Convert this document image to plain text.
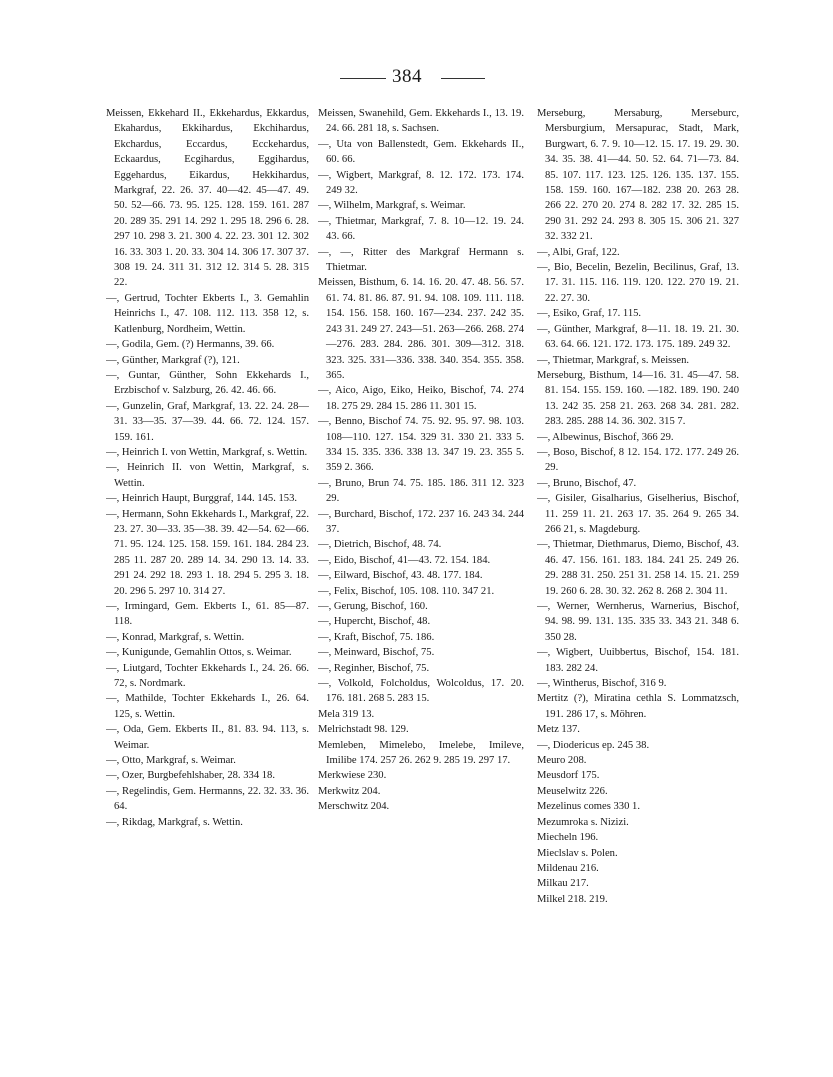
384

Meissen, Ekkehard II., Ekkehardus, Ekkardus, Ekahardus, Ekkihardus, Ekchihardus, Ekchardus, Eccardus, Ecckehardus, Eckaardus, Ecgihardus, Eggihardus, Eggehardus, Eikardus, Hekkihardus, Markgraf, 22. 26. 37. 40—42. 45—47. 49. 50. 52—66. 73. 95. 125. 128. 159. 161. 287 20. 289 35. 291 14. 292 1. 295 18. 296 6. 28. 297 10. 298 3. 21. 300 4. 22. 23. 301 12. 302 16. 33. 303 1. 20. 33. 304 14. 306 17. 307 37. 308 19. 24. 311 31. 312 12. 314 5. 28. 315 22.

—, Gertrud, Tochter Ekberts I., 3. Gemahlin Heinrichs I., 47. 108. 112. 113. 358 12, s. Katlenburg, Nordheim, Wettin.

—, Godila, Gem. (?) Hermanns, 39. 66.

—, Günther, Markgraf (?), 121.

—, Guntar, Günther, Sohn Ekkehards I., Erzbischof v. Salzburg, 26. 42. 46. 66.

—, Gunzelin, Graf, Markgraf, 13. 22. 24. 28—31. 33—35. 37—39. 44. 66. 72. 124. 157. 159. 161.

—, Heinrich I. von Wettin, Markgraf, s. Wettin.

—, Heinrich II. von Wettin, Markgraf, s. Wettin.

—, Heinrich Haupt, Burggraf, 144. 145. 153.

—, Hermann, Sohn Ekkehards I., Markgraf, 22. 23. 27. 30—33. 35—38. 39. 42—54. 62—66. 71. 95. 124. 125. 158. 159. 161. 184. 284 23. 285 11. 287 20. 289 14. 34. 290 13. 14. 33. 291 24. 292 18. 293 1. 18. 294 5. 295 3. 18. 20. 296 5. 297 10. 314 27.

—, Irmingard, Gem. Ekberts I., 61. 85—87. 118.

—, Konrad, Markgraf, s. Wettin.

—, Kunigunde, Gemahlin Ottos, s. Weimar.

—, Liutgard, Tochter Ekkehards I., 24. 26. 66. 72, s. Nordmark.

—, Mathilde, Tochter Ekkehards I., 26. 64. 125, s. Wettin.

—, Oda, Gem. Ekberts II., 81. 83. 94. 113, s. Weimar.

—, Otto, Markgraf, s. Weimar.

—, Ozer, Burgbefehlshaber, 28. 334 18.

—, Regelindis, Gem. Hermanns, 22. 32. 33. 36. 64.

—, Rikdag, Markgraf, s. Wettin.

Meissen, Swanehild, Gem. Ekkehards I., 13. 19. 24. 66. 281 18, s. Sachsen.

—, Uta von Ballenstedt, Gem. Ekkehards II., 60. 66.

—, Wigbert, Markgraf, 8. 12. 172. 173. 174. 249 32.

—, Wilhelm, Markgraf, s. Weimar.

—, Thietmar, Markgraf, 7. 8. 10—12. 19. 24. 43. 66.

—, —, Ritter des Markgraf Hermann s. Thietmar.

Meissen, Bisthum, 6. 14. 16. 20. 47. 48. 56. 57. 61. 74. 81. 86. 87. 91. 94. 108. 109. 111. 118. 154. 156. 158. 160. 167—234. 237. 242 35. 243 31. 249 27. 243—51. 263—266. 268. 274—276. 283. 284. 286. 301. 309—312. 318. 323. 325. 331—336. 338. 340. 354. 355. 358. 365.

—, Aico, Aigo, Eiko, Heiko, Bischof, 74. 274 18. 275 29. 284 15. 286 11. 301 15.

—, Benno, Bischof 74. 75. 92. 95. 97. 98. 103. 108—110. 127. 154. 329 31. 330 21. 333 5. 334 15. 335. 336. 338 13. 347 19. 23. 355 5. 359 2. 366.

—, Bruno, Brun 74. 75. 185. 186. 311 12. 323 29.

—, Burchard, Bischof, 172. 237 16. 243 34. 244 37.

—, Dietrich, Bischof, 48. 74.

—, Eido, Bischof, 41—43. 72. 154. 184.

—, Eilward, Bischof, 43. 48. 177. 184.

—, Felix, Bischof, 105. 108. 110. 347 21.

—, Gerung, Bischof, 160.

—, Hupercht, Bischof, 48.

—, Kraft, Bischof, 75. 186.

—, Meinward, Bischof, 75.

—, Reginher, Bischof, 75.

—, Volkold, Folcholdus, Wolcoldus, 17. 20. 176. 181. 268 5. 283 15.

Mela 319 13.

Melrichstadt 98. 129.

Memleben, Mimelebo, Imelebe, Imileve, Imilibe 174. 257 26. 262 9. 285 19. 297 17.

Merkwiese 230.

Merkwitz 204.

Merschwitz 204.

Merseburg, Mersaburg, Merseburc, Mersburgium, Mersapurac, Stadt, Mark, Burgwart, 6. 7. 9. 10—12. 15. 17. 19. 29. 30. 34. 35. 38. 41—44. 50. 52. 64. 71—73. 84. 85. 107. 117. 123. 125. 126. 135. 137. 155. 158. 159. 160. 167—182. 238 20. 263 28. 266 22. 270 20. 274 8. 282 17. 32. 285 15. 290 31. 292 24. 293 8. 305 15. 306 21. 327 32. 332 21.

—, Albi, Graf, 122.

—, Bio, Becelin, Bezelin, Becilinus, Graf, 13. 17. 31. 115. 116. 119. 120. 122. 270 19. 21. 22. 27. 30.

—, Esiko, Graf, 17. 115.

—, Günther, Markgraf, 8—11. 18. 19. 21. 30. 63. 64. 66. 121. 172. 173. 175. 189. 249 32.

—, Thietmar, Markgraf, s. Meissen.

Merseburg, Bisthum, 14—16. 31. 45—47. 58. 81. 154. 155. 159. 160. —182. 189. 190. 240 13. 242 35. 258 21. 263. 268 34. 281. 282. 283. 285. 288 14. 36. 302. 315 7.

—, Albewinus, Bischof, 366 29.

—, Boso, Bischof, 8 12. 154. 172. 177. 249 26. 29.

—, Bruno, Bischof, 47.

—, Gisiler, Gisalharius, Giselherius, Bischof, 11. 259 11. 21. 263 17. 35. 264 9. 265 34. 266 21, s. Magdeburg.

—, Thietmar, Diethmarus, Diemo, Bischof, 43. 46. 47. 156. 161. 183. 184. 241 25. 249 26. 29. 288 31. 250. 251 31. 258 14. 15. 21. 259 19. 260 6. 28. 30. 32. 262 8. 268 2. 304 11.

—, Werner, Wernherus, Warnerius, Bischof, 94. 98. 99. 131. 135. 335 33. 343 21. 348 6. 350 28.

—, Wigbert, Uuibbertus, Bischof, 154. 181. 183. 282 24.

—, Wintherus, Bischof, 316 9.

Mertitz (?), Miratina cethla S. Lommatzsch, 191. 286 17, s. Möhren.

Metz 137.

—, Diodericus ep. 245 38.

Meuro 208.

Meusdorf 175.

Meuselwitz 226.

Mezelinus comes 330 1.

Mezumroka s. Nizizi.

Miecheln 196.

Mieclslav s. Polen.

Mildenau 216.

Milkau 217.

Milkel 218. 219.
